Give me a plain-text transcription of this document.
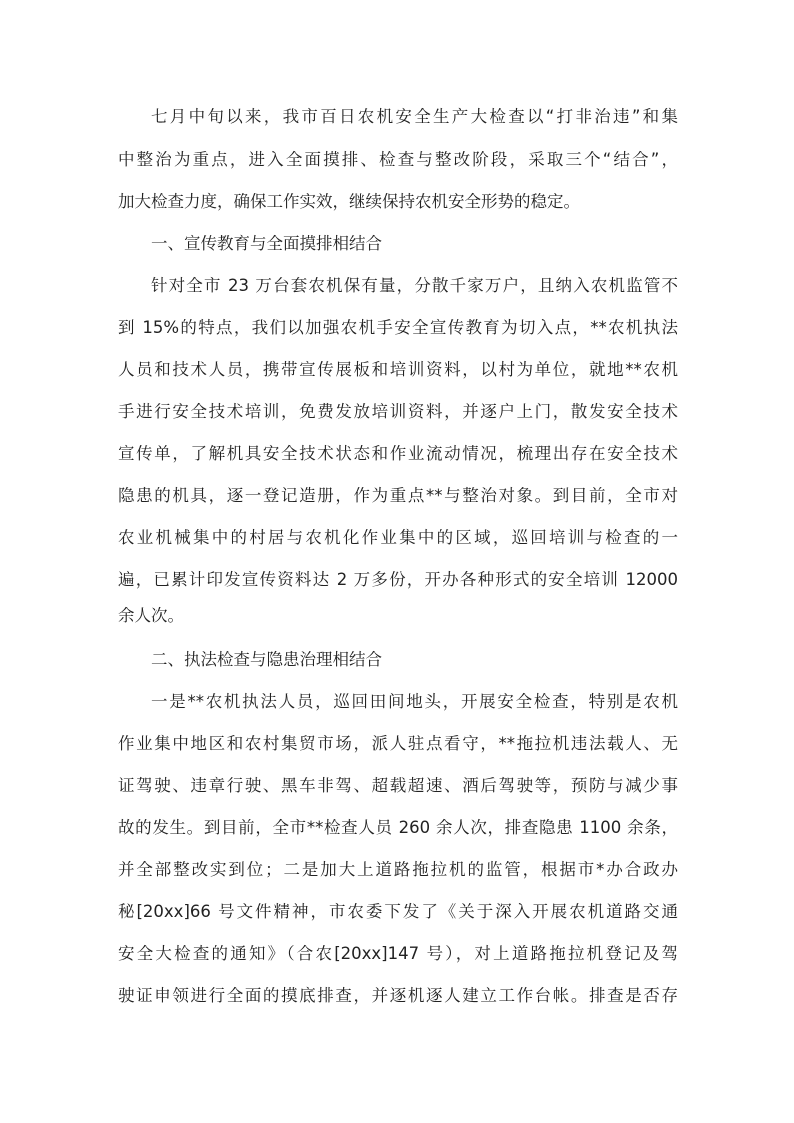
七月中旬以来，我市百日农机安全生产大检查以“打非治违”和集
中整治为重点，进入全面摸排、检查与整改阶段，采取三个“结合”，
加大检查力度，确保工作实效，继续保持农机安全形势的稳定。
一、宣传教育与全面摸排相结合
针对全市 23 万台套农机保有量，分散千家万户，且纳入农机监管不
到 15%的特点，我们以加强农机手安全宣传教育为切入点，**农机执法
人员和技术人员，携带宣传展板和培训资料，以村为单位，就地**农机
手进行安全技术培训，免费发放培训资料，并逐户上门，散发安全技术
宣传单，了解机具安全技术状态和作业流动情况，梳理出存在安全技术
隐患的机具，逐一登记造册，作为重点**与整治对象。到目前，全市对
农业机械集中的村居与农机化作业集中的区域，巡回培训与检查的一
遍，已累计印发宣传资料达 2 万多份，开办各种形式的安全培训 12000
余人次。
二、执法检查与隐患治理相结合
一是**农机执法人员，巡回田间地头，开展安全检查，特别是农机
作业集中地区和农村集贸市场，派人驻点看守，**拖拉机违法载人、无
证驾驶、违章行驶、黑车非驾、超载超速、酒后驾驶等，预防与减少事
故的发生。到目前，全市**检查人员 260 余人次，排查隐患 1100 余条，
并全部整改实到位；二是加大上道路拖拉机的监管，根据市*办合政办
秘[20xx]66 号文件精神，市农委下发了《关于深入开展农机道路交通
安全大检查的通知》（合农[20xx]147 号），对上道路拖拉机登记及驾
驶证申领进行全面的摸底排查，并逐机逐人建立工作台帐。排查是否存
